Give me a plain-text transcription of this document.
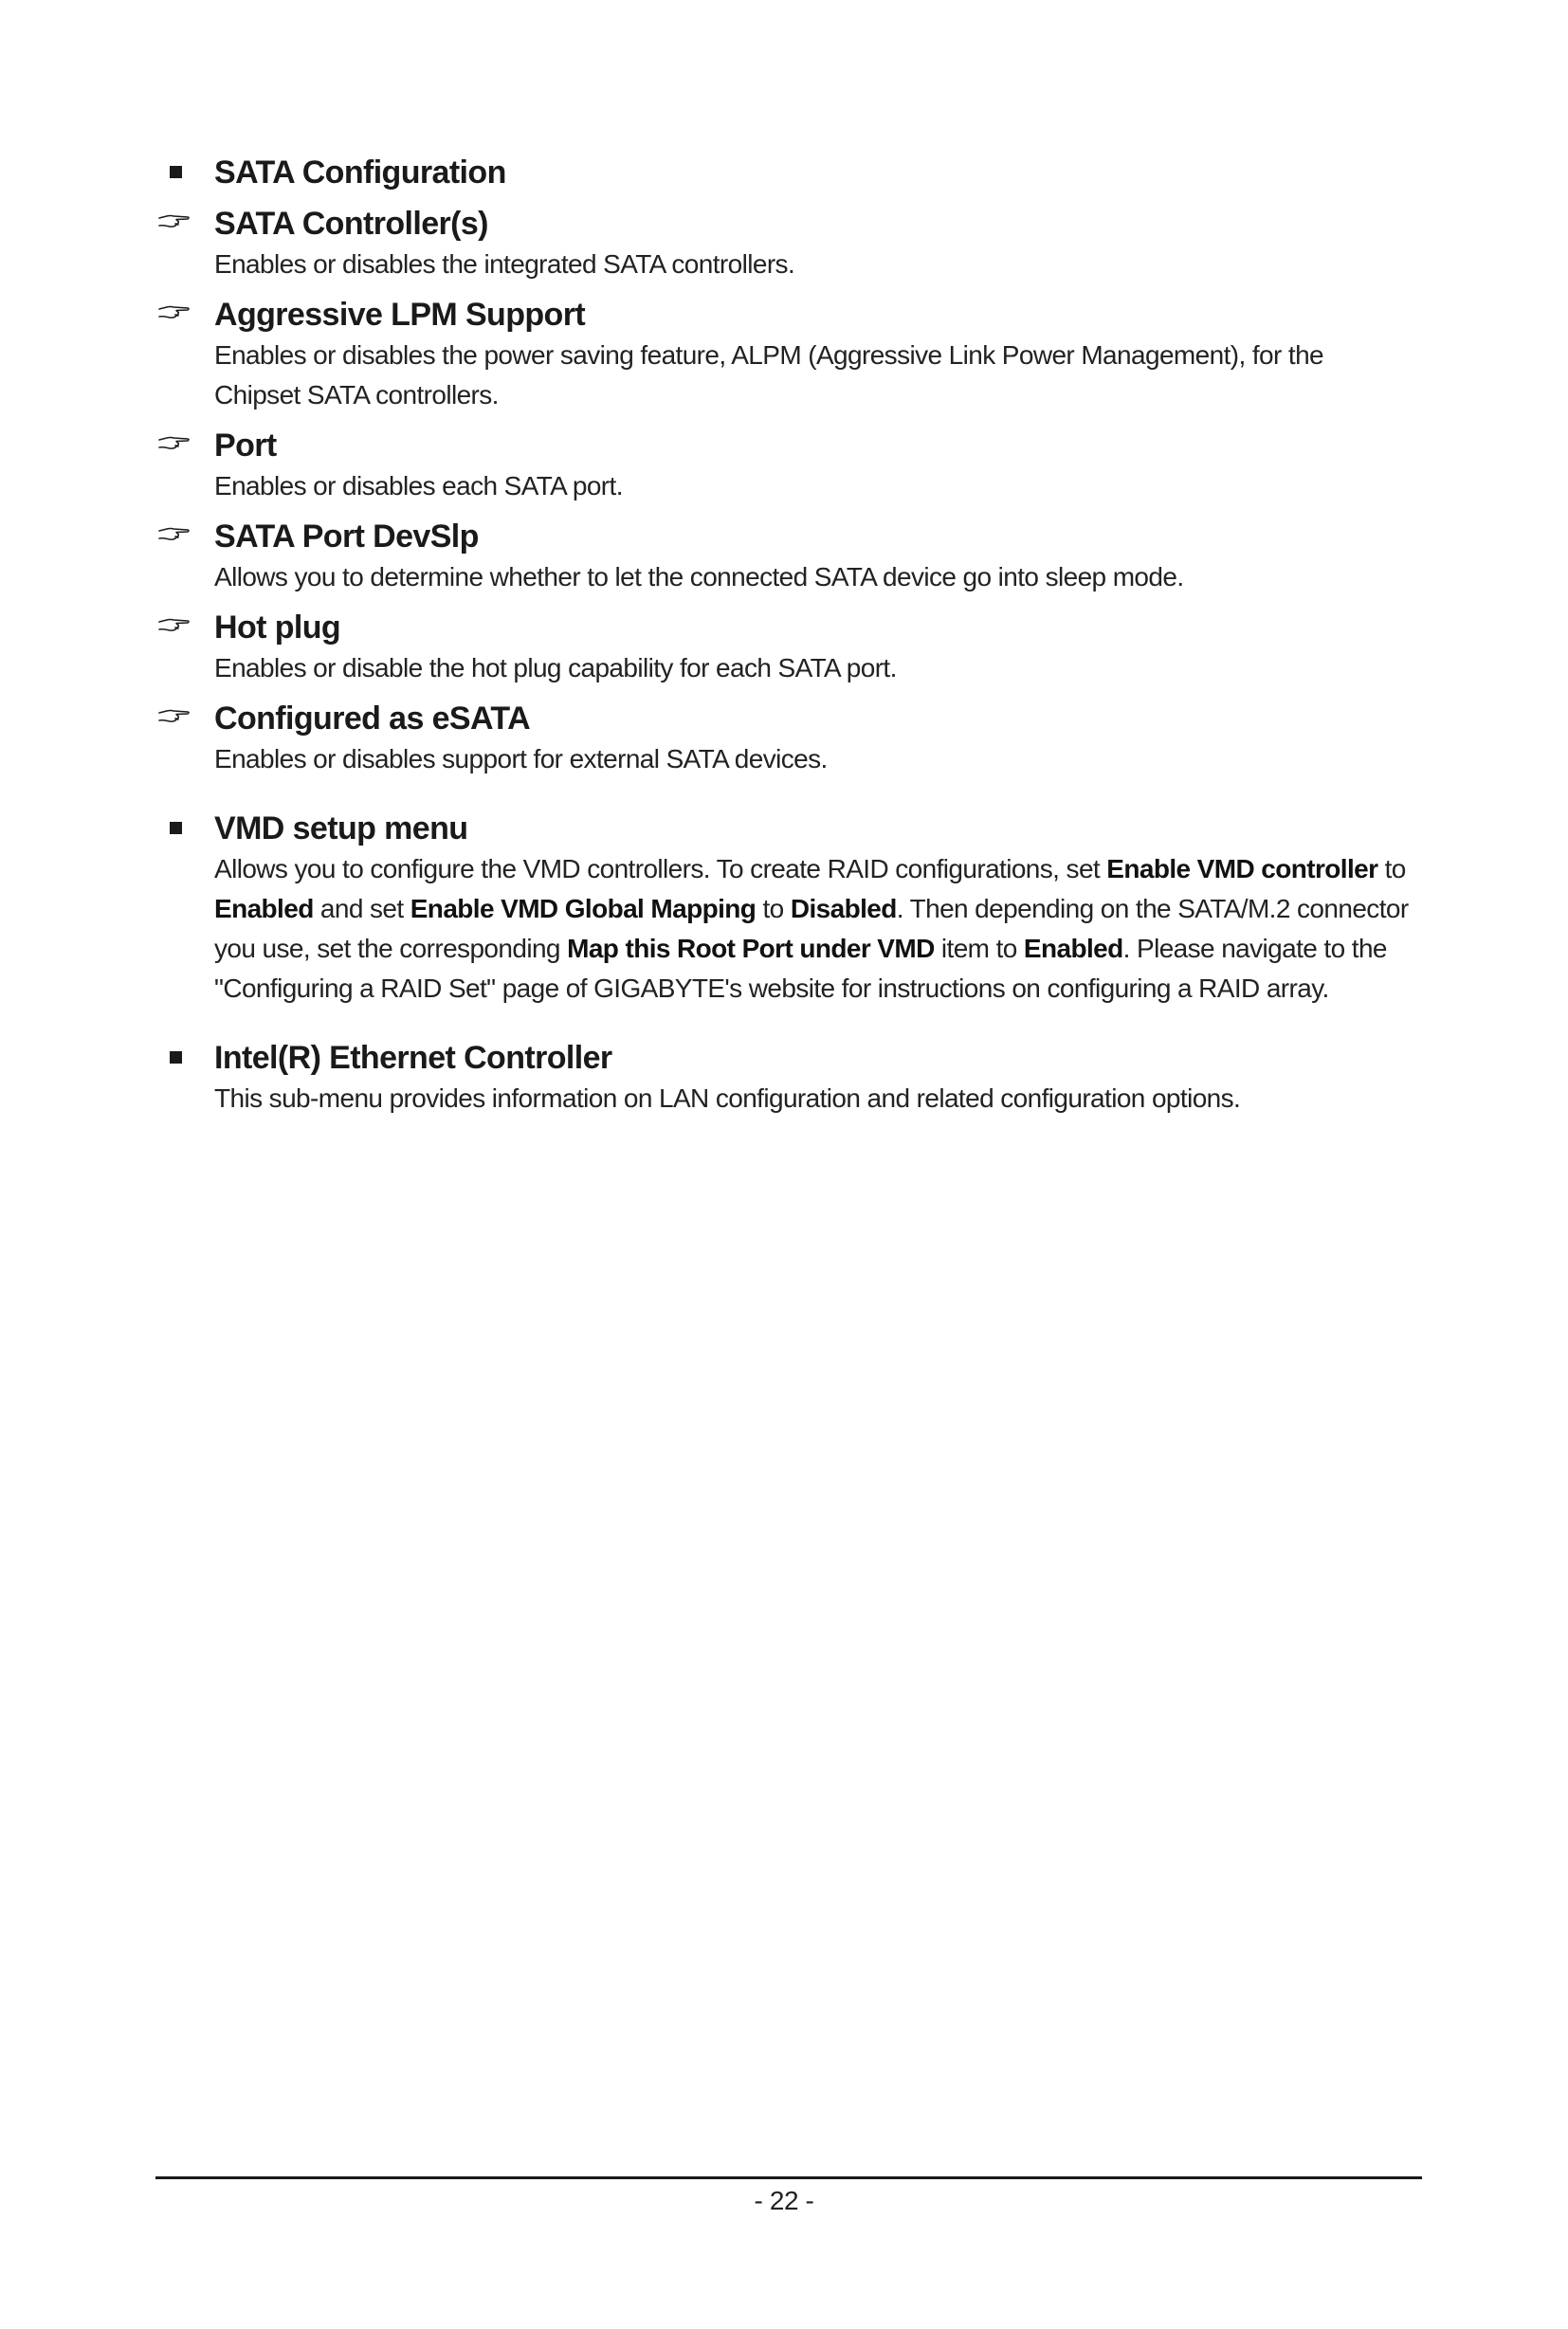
SATA Configuration

SATA Controller(s)

Enables or disables the integrated SATA controllers.

Aggressive LPM Support

Enables or disables the power saving feature, ALPM (Aggressive Link Power Management), for the

Chipset SATA controllers.

Port

Enables or disables each SATA port.

SATA Port DevSlp

Allows you to determine whether to let the connected SATA device go into sleep mode.

Hot plug

Enables or disable the hot plug capability for each SATA port.

Configured as eSATA

Enables or disables support for external SATA devices.

VMD setup menu

Allows you to configure the VMD controllers. To create RAID configurations, set Enable VMD controller to Enabled and set Enable VMD Global Mapping to Disabled. Then depending on the SATA/M.2 connector you use, set the corresponding Map this Root Port under VMD item to Enabled. Please navigate to the "Configuring a RAID Set" page of GIGABYTE's website for instructions on configuring a RAID array.

Intel(R) Ethernet Controller

This sub-menu provides information on LAN configuration and related configuration options.

- 22 -
